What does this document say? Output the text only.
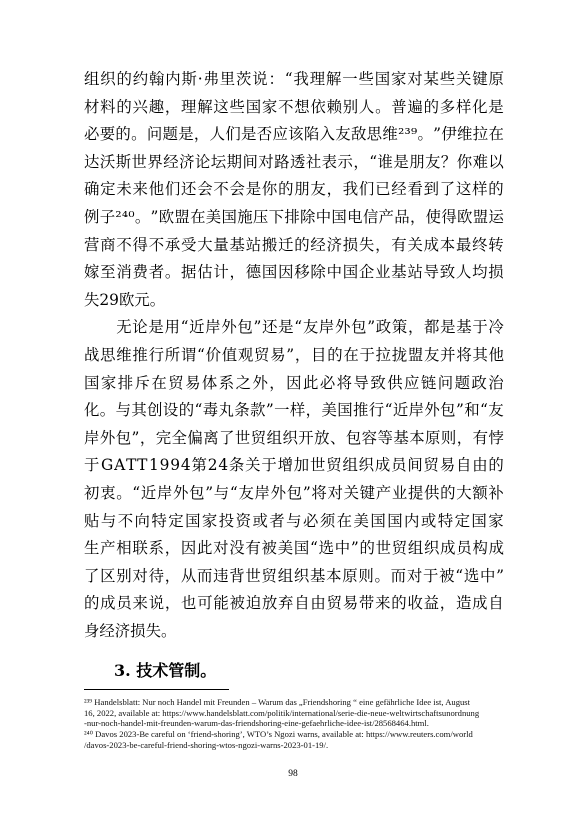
组 织 的 约 翰 内 斯 · 弗 里 茨 说 ： “ 我 理 解 一 些 国 家 对 某 些 关 键 原
材 料 的 兴 趣 ， 理 解 这 些 国 家 不 想 依 赖 别 人 。 普 遍 的 多 样 化 是
必 要 的 。 问 题 是 ， 人 们 是 否 应 该 陷 入 友 敌 思 维 ² ³ ⁹ 。 ” 伊 维 拉 在
达 沃 斯 世 界 经 济 论 坛 期 间 对 路 透 社 表 示 ， “ 谁 是 朋 友 ？ 你 难 以
确 定 未 来 他 们 还 会 不 会 是 你 的 朋 友 ， 我 们 已 经 看 到 了 这 样 的
例 子 ² ⁴ ⁰ 。 ” 欧 盟 在 美 国 施 压 下 排 除 中 国 电 信 产 品 ， 使 得 欧 盟 运
营 商 不 得 不 承 受 大 量 基 站 搬 迁 的 经 济 损 失 ， 有 关 成 本 最 终 转
嫁 至 消 费 者 。 据 估 计 ， 德 国 因 移 除 中 国 企 业 基 站 导 致 人 均 损
失29欧元。

无 论 是 用 “ 近 岸 外 包 ” 还 是 “ 友 岸 外 包 ” 政 策 ， 都 是 基 于 冷
战 思 维 推 行 所 谓 “ 价 值 观 贸 易 ” ， 目 的 在 于 拉 拢 盟 友 并 将 其 他
国 家 排 斥 在 贸 易 体 系 之 外 ， 因 此 必 将 导 致 供 应 链 问 题 政 治
化 。 与 其 创 设 的 “ 毒 丸 条 款 ” 一 样 ， 美 国 推 行 “ 近 岸 外 包 ” 和 “ 友
岸 外 包 ” ， 完 全 偏 离 了 世 贸 组 织 开 放 、 包 容 等 基 本 原 则 ， 有 悖
于 G A T T 1 9 9 4 第 2 4 条 关 于 增 加 世 贸 组 织 成 员 间 贸 易 自 由 的
初 衷 。 “ 近 岸 外 包 ” 与 “ 友 岸 外 包 ” 将 对 关 键 产 业 提 供 的 大 额 补
贴 与 不 向 特 定 国 家 投 资 或 者 与 必 须 在 美 国 国 内 或 特 定 国 家
生 产 相 联 系 ， 因 此 对 没 有 被 美 国 “ 选 中 ” 的 世 贸 组 织 成 员 构 成
了 区 别 对 待 ， 从 而 违 背 世 贸 组 织 基 本 原 则 。 而 对 于 被 “ 选 中 ”
的 成 员 来 说 ， 也 可 能 被 迫 放 弃 自 由 贸 易 带 来 的 收 益 ， 造 成 自
身经济损失。
3. 技术管制。
²³⁹ Handelsblatt: Nur noch Handel mit Freunden – Warum das „Friendshoring “ eine gefährliche Idee ist, August
16, 2022, available at: https://www.handelsblatt.com/politik/international/serie-die-neue-weltwirtschaftsunordnung
-nur-noch-handel-mit-freunden-warum-das-friendshoring-eine-gefaehrliche-idee-ist/28568464.html.
²⁴⁰ Davos 2023-Be careful on ‘friend-shoring’, WTO’s Ngozi warns, available at: https://www.reuters.com/world
/davos-2023-be-careful-friend-shoring-wtos-ngozi-warns-2023-01-19/.
98
